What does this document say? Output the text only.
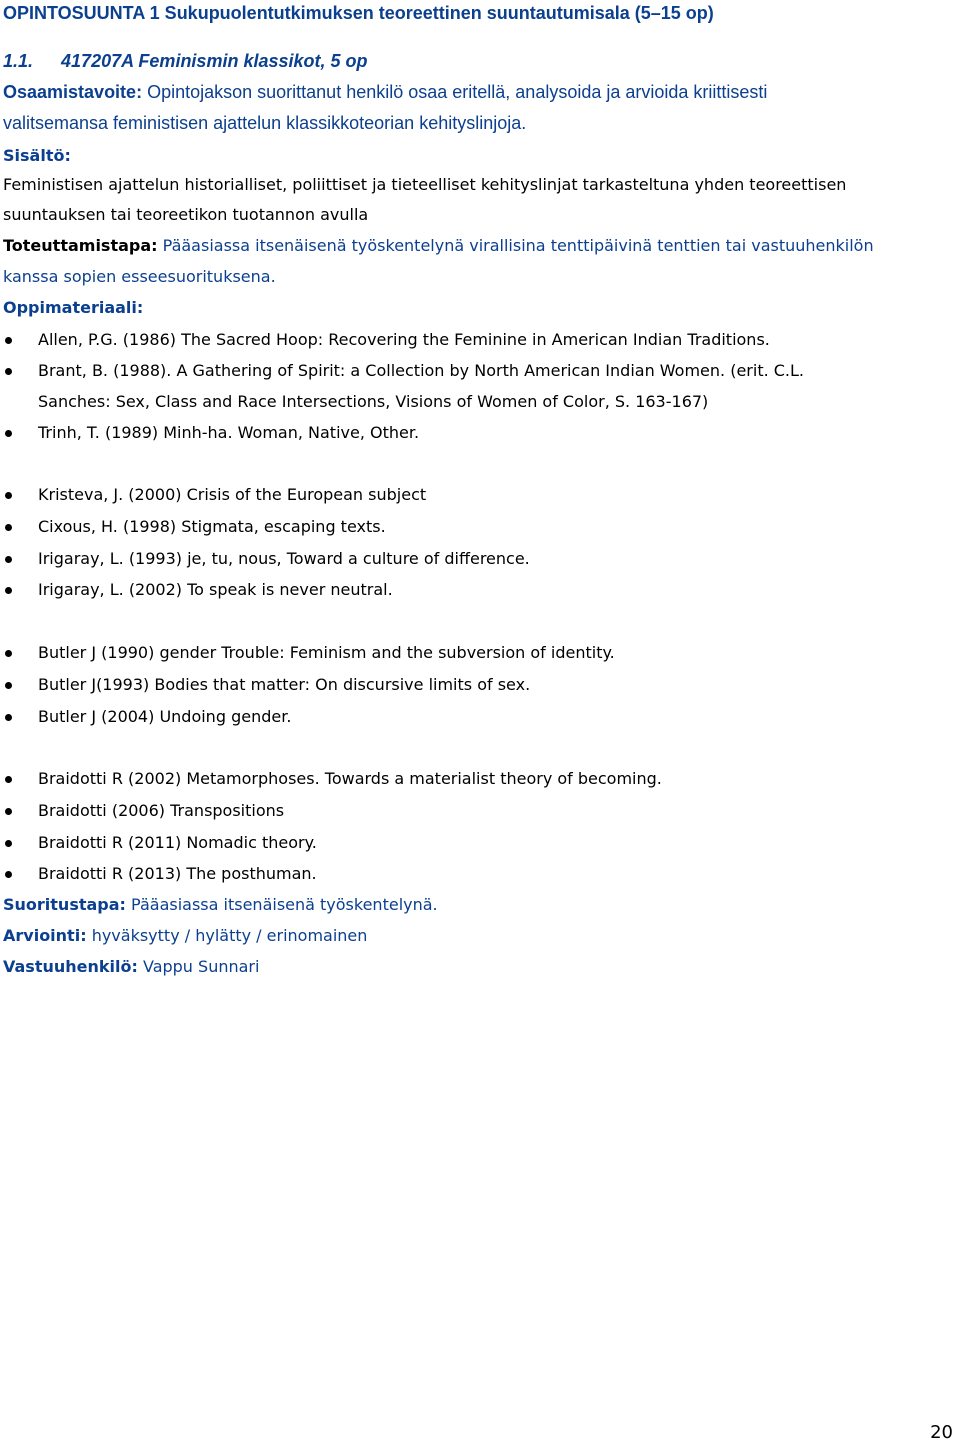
OPINTOSUUNTA 1 Sukupuolentutkimuksen teoreettinen suuntautumisala (5–15 op)
1.1. 417207A Feminismin klassikot, 5 op
Osaamistavoite: Opintojakson suorittanut henkilö osaa eritellä, analysoida ja arvioida kriittisesti
valitsemansa feministisen ajattelun klassikkoteorian kehityslinjoja.
Sisältö:
Feministisen ajattelun historialliset, poliittiset ja tieteelliset kehityslinjat tarkasteltuna yhden teoreettisen
suuntauksen tai teoreetikon tuotannon avulla
Toteuttamistapa: Pääasiassa itsenäisenä työskentelynä virallisina tenttipäivinä tenttien tai vastuuhenkilön
kanssa sopien esseesuorituksena.
Oppimateriaali:
Allen, P.G. (1986) The Sacred Hoop: Recovering the Feminine in American Indian Traditions.
Brant, B. (1988). A Gathering of Spirit: a Collection by North American Indian Women. (erit. C.L.
Sanches: Sex, Class and Race Intersections, Visions of Women of Color, S. 163-167)
Trinh, T. (1989) Minh-ha. Woman, Native, Other.
Kristeva, J. (2000) Crisis of the European subject
Cixous, H. (1998) Stigmata, escaping texts.
Irigaray, L. (1993) je, tu, nous, Toward a culture of difference.
Irigaray, L. (2002) To speak is never neutral.
Butler J (1990) gender Trouble: Feminism and the subversion of identity.
Butler J(1993) Bodies that matter: On discursive limits of sex.
Butler J (2004) Undoing gender.
Braidotti R (2002) Metamorphoses. Towards a materialist theory of becoming.
Braidotti (2006) Transpositions
Braidotti R (2011) Nomadic theory.
Braidotti R (2013) The posthuman.
Suoritustapa: Pääasiassa itsenäisenä työskentelynä.
Arviointi: hyväksytty / hylätty / erinomainen
Vastuuhenkilö: Vappu Sunnari
20
